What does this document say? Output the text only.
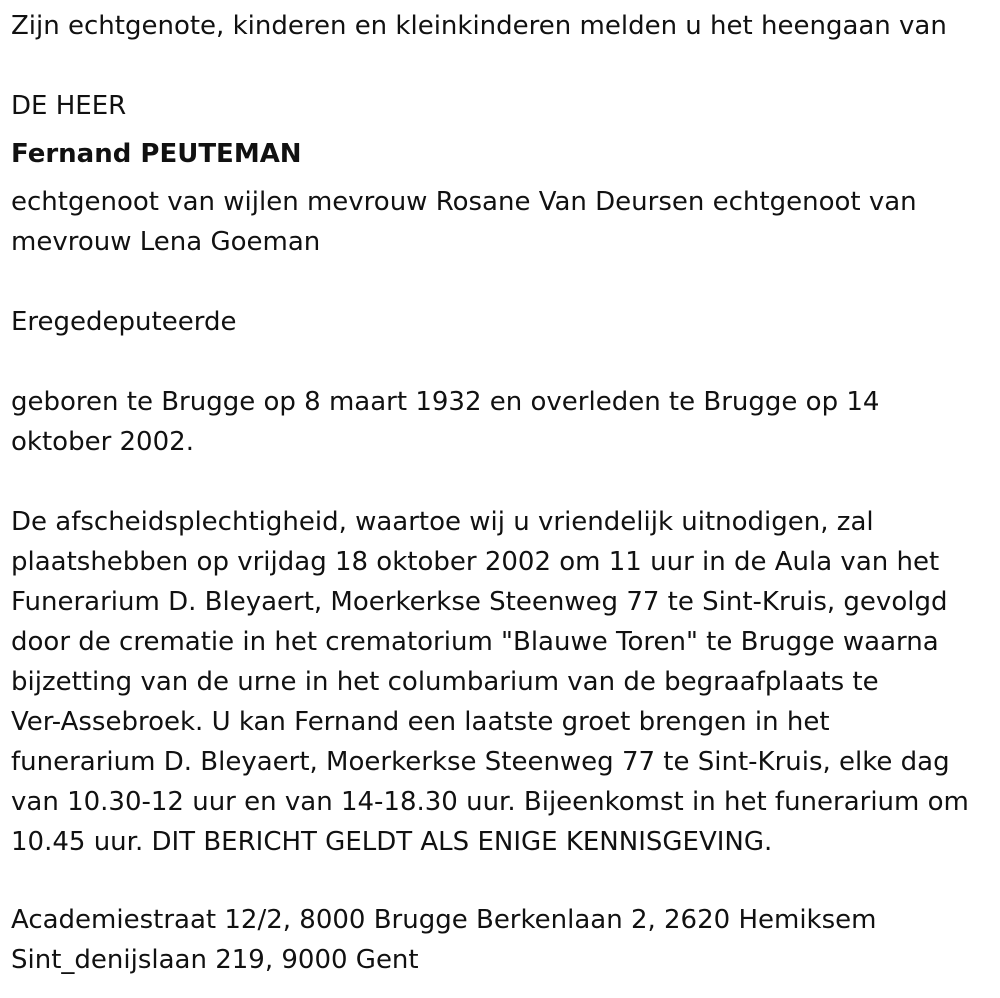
Zijn echtgenote, kinderen en kleinkinderen melden u het heengaan van

DE HEER

Fernand PEUTEMAN

echtgenoot van wijlen mevrouw Rosane Van Deursen echtgenoot van
mevrouw Lena Goeman

Eregedeputeerde

geboren te Brugge op 8 maart 1932 en overleden te Brugge op 14
oktober 2002.

De afscheidsplechtigheid, waartoe wij u vriendelijk uitnodigen, zal
plaatshebben op vrijdag 18 oktober 2002 om 11 uur in de Aula van het
Funerarium D. Bleyaert, Moerkerkse Steenweg 77 te Sint-Kruis, gevolgd
door de crematie in het crematorium "Blauwe Toren" te Brugge waarna
bijzetting van de urne in het columbarium van de begraafplaats te
Ver-Assebroek. U kan Fernand een laatste groet brengen in het
funerarium D. Bleyaert, Moerkerkse Steenweg 77 te Sint-Kruis, elke dag
van 10.30-12 uur en van 14-18.30 uur. Bijeenkomst in het funerarium om
10.45 uur. DIT BERICHT GELDT ALS ENIGE KENNISGEVING.

Academiestraat 12/2, 8000 Brugge Berkenlaan 2, 2620 Hemiksem
Sint_denijslaan 219, 9000 Gent
